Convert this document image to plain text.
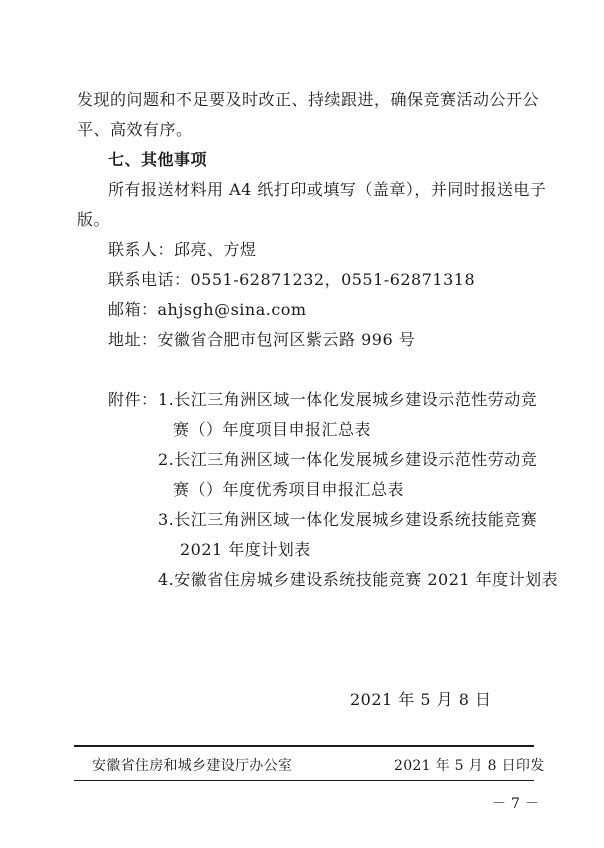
发现的问题和不足要及时改正、持续跟进，确保竞赛活动公开公
平、高效有序。
七、其他事项
所有报送材料用 A4 纸打印或填写（盖章），并同时报送电子
版。
联系人：邱亮、方煜
联系电话：0551-62871232，0551-62871318
邮箱：ahjsgh@sina.com
地址：安徽省合肥市包河区紫云路 996 号
附件： 1.长江三角洲区域一体化发展城乡建设示范性劳动竞
赛（）年度项目申报汇总表
2.长江三角洲区域一体化发展城乡建设示范性劳动竞
赛（）年度优秀项目申报汇总表
3.长江三角洲区域一体化发展城乡建设系统技能竞赛
2021 年度计划表
4.安徽省住房城乡建设系统技能竞赛 2021 年度计划表
2021 年 5 月 8 日
安徽省住房和城乡建设厅办公室	2021 年 5 月 8 日印发
－ 7 －
